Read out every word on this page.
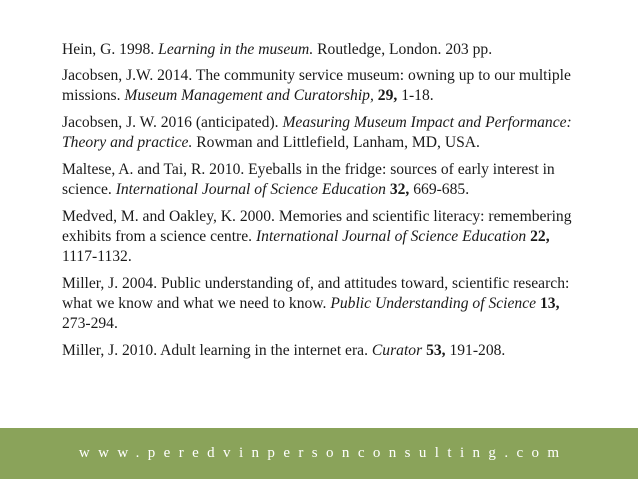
Hein, G. 1998. Learning in the museum. Routledge, London. 203 pp.

Jacobsen, J.W. 2014. The community service museum: owning up to our multiple missions. Museum Management and Curatorship, 29, 1-18.

Jacobsen, J. W. 2016 (anticipated). Measuring Museum Impact and Performance: Theory and practice. Rowman and Littlefield, Lanham, MD, USA.

Maltese, A. and Tai, R. 2010. Eyeballs in the fridge: sources of early interest in science. International Journal of Science Education 32, 669-685.

Medved, M. and Oakley, K. 2000. Memories and scientific literacy: remembering exhibits from a science centre. International Journal of Science Education 22, 1117-1132.

Miller, J. 2004. Public understanding of, and attitudes toward, scientific research: what we know and what we need to know. Public Understanding of Science 13, 273-294.

Miller, J. 2010. Adult learning in the internet era. Curator 53, 191-208.

www.peredvinpersonconsulting.com
